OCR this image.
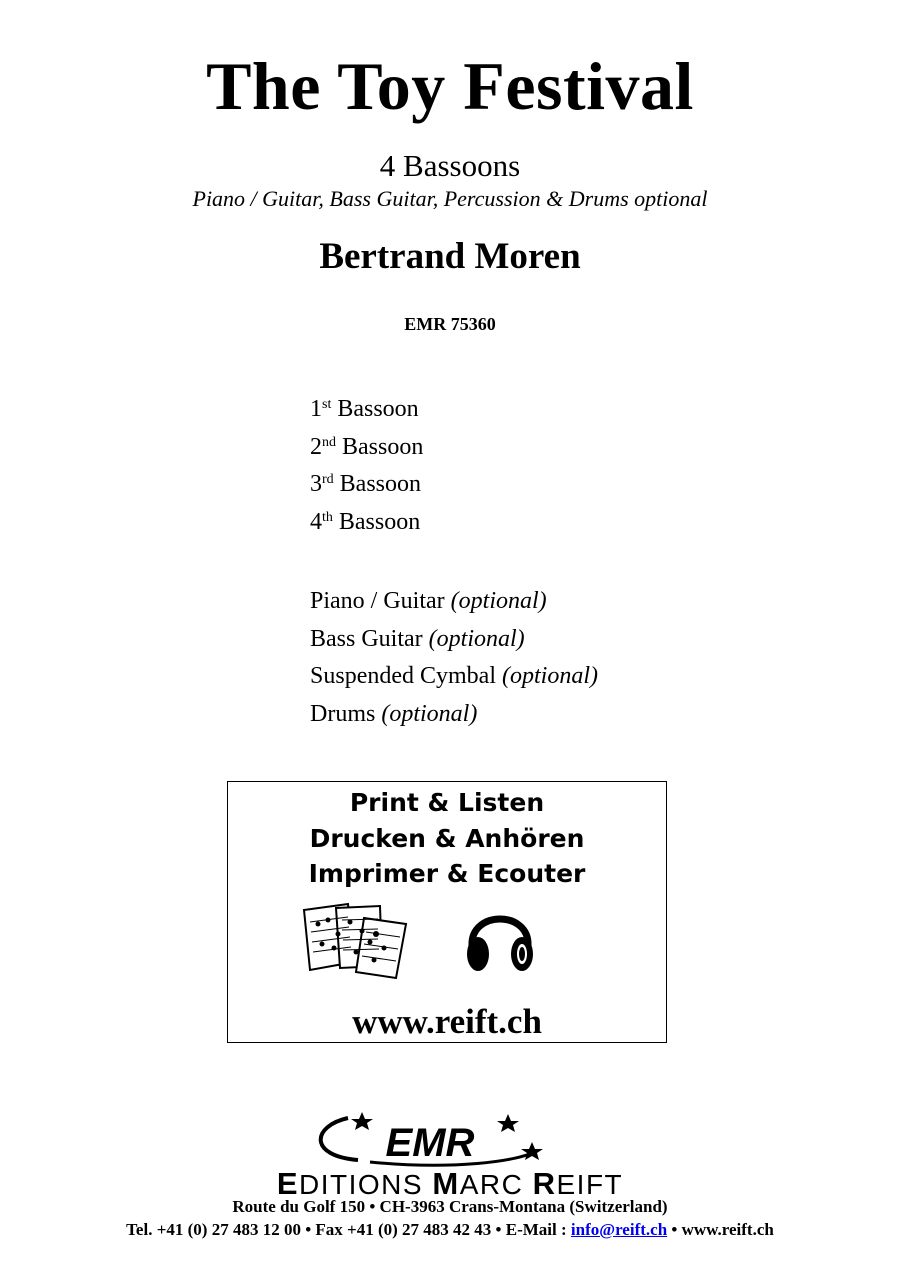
The Toy Festival
4 Bassoons
Piano / Guitar, Bass Guitar, Percussion & Drums optional
Bertrand Moren
EMR 75360
1st Bassoon
2nd Bassoon
3rd Bassoon
4th Bassoon
Piano / Guitar (optional)
Bass Guitar (optional)
Suspended Cymbal (optional)
Drums (optional)
Print & Listen
Drucken & Anhören
Imprimer & Ecouter
www.reift.ch
EMR
EDITIONS MARC REIFT
Route du Golf 150 • CH-3963 Crans-Montana (Switzerland)
Tel. +41 (0) 27 483 12 00 • Fax +41 (0) 27 483 42 43 • E-Mail : info@reift.ch • www.reift.ch
